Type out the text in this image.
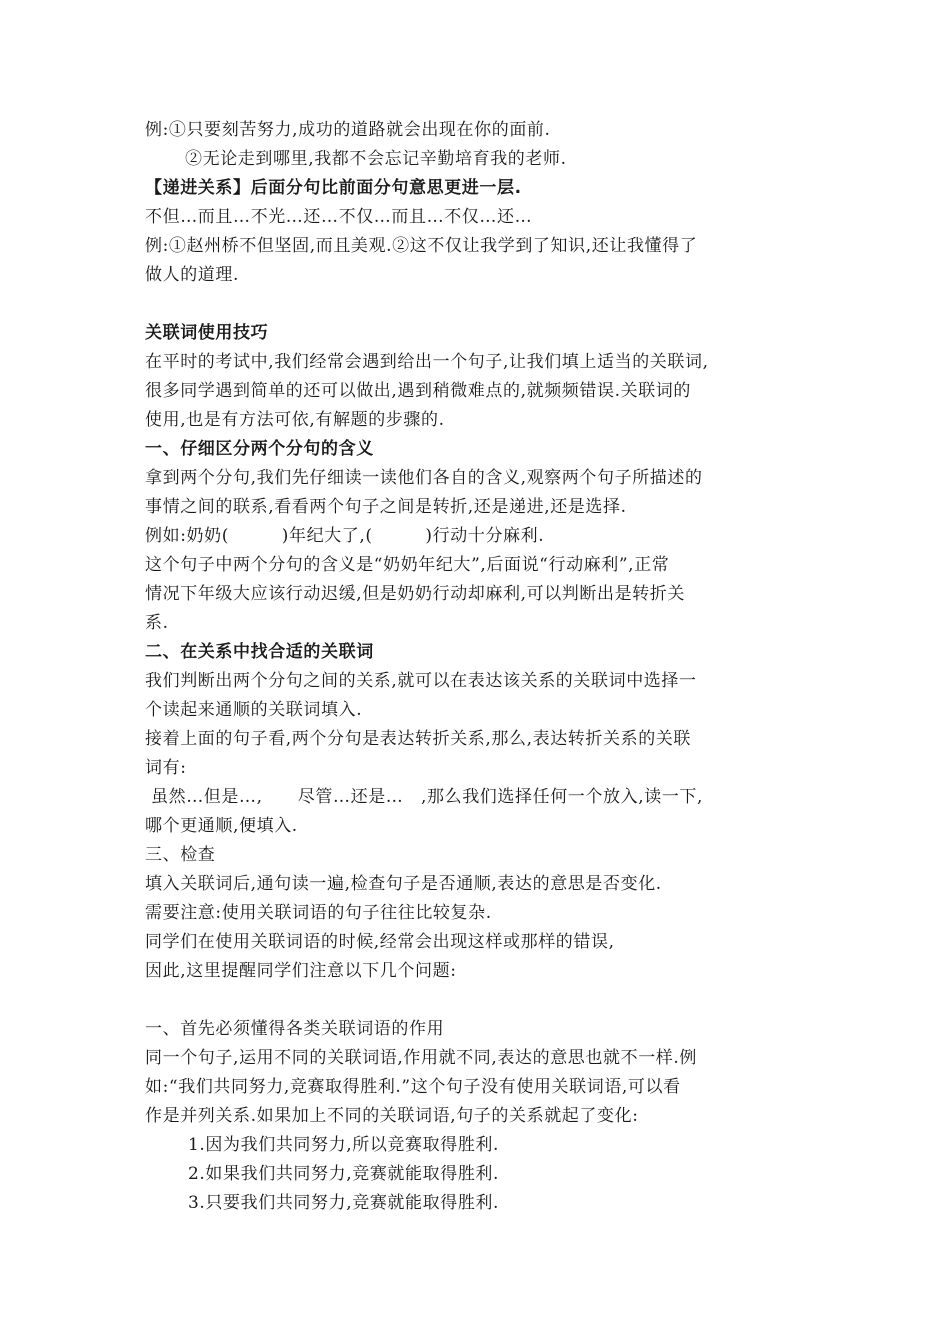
例:①只要刻苦努力,成功的道路就会出现在你的面前.
②无论走到哪里,我都不会忘记辛勤培育我的老师.
【递进关系】后面分句比前面分句意思更进一层.
不但…而且…不光…还…不仅…而且…不仅…还…
例:①赵州桥不但坚固,而且美观.②这不仅让我学到了知识,还让我懂得了
做人的道理.
关联词使用技巧
在平时的考试中,我们经常会遇到给出一个句子,让我们填上适当的关联词,
很多同学遇到简单的还可以做出,遇到稍微难点的,就频频错误.关联词的
使用,也是有方法可依,有解题的步骤的.
一、仔细区分两个分句的含义
拿到两个分句,我们先仔细读一读他们各自的含义,观察两个句子所描述的
事情之间的联系,看看两个句子之间是转折,还是递进,还是选择.
例如:奶奶(　　　)年纪大了,(　　　)行动十分麻利.
这个句子中两个分句的含义是“奶奶年纪大”,后面说“行动麻利”,正常
情况下年级大应该行动迟缓,但是奶奶行动却麻利,可以判断出是转折关
系.
二、在关系中找合适的关联词
我们判断出两个分句之间的关系,就可以在表达该关系的关联词中选择一
个读起来通顺的关联词填入.
接着上面的句子看,两个分句是表达转折关系,那么,表达转折关系的关联
词有:
虽然…但是…,　　尽管…还是…　,那么我们选择任何一个放入,读一下,
哪个更通顺,便填入.
三、检查
填入关联词后,通句读一遍,检查句子是否通顺,表达的意思是否变化.
需要注意:使用关联词语的句子往往比较复杂.
同学们在使用关联词语的时候,经常会出现这样或那样的错误,
因此,这里提醒同学们注意以下几个问题:
一、首先必须懂得各类关联词语的作用
同一个句子,运用不同的关联词语,作用就不同,表达的意思也就不一样.例
如:“我们共同努力,竞赛取得胜利.”这个句子没有使用关联词语,可以看
作是并列关系.如果加上不同的关联词语,句子的关系就起了变化:
1.因为我们共同努力,所以竞赛取得胜利.
2.如果我们共同努力,竞赛就能取得胜利.
3.只要我们共同努力,竞赛就能取得胜利.
